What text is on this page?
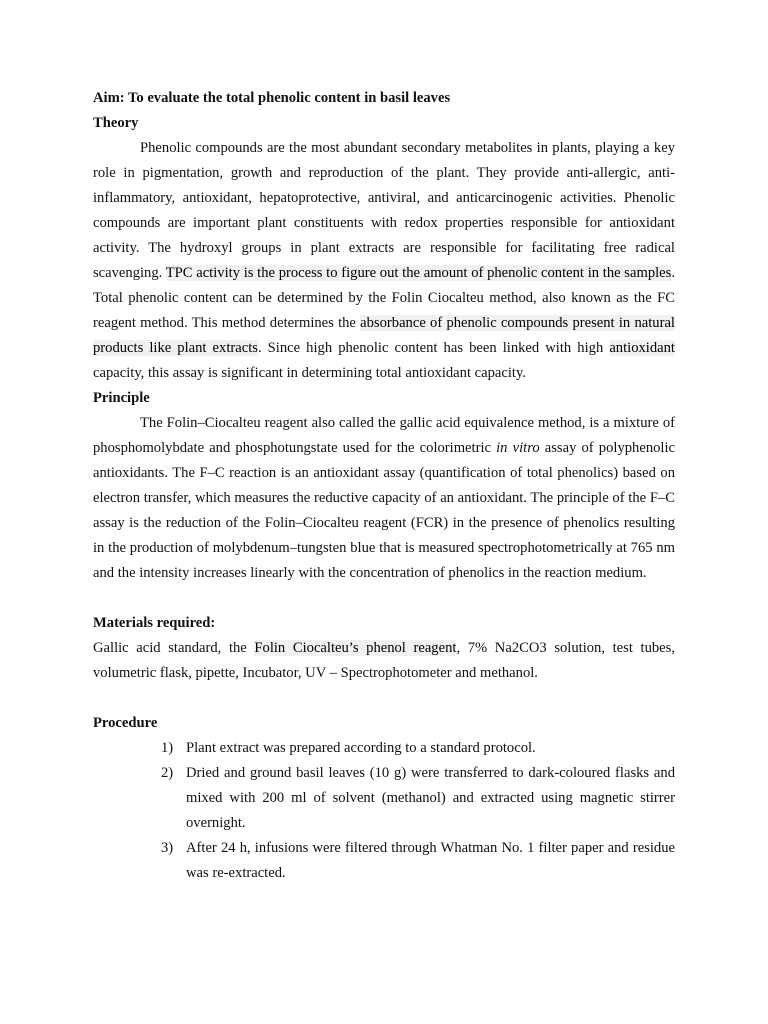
Aim: To evaluate the total phenolic content in basil leaves

Theory

Phenolic compounds are the most abundant secondary metabolites in plants, playing a key role in pigmentation, growth and reproduction of the plant. They provide anti-allergic, anti-inflammatory, antioxidant, hepatoprotective, antiviral, and anticarcinogenic activities. Phenolic compounds are important plant constituents with redox properties responsible for antioxidant activity. The hydroxyl groups in plant extracts are responsible for facilitating free radical scavenging. TPC activity is the process to figure out the amount of phenolic content in the samples. Total phenolic content can be determined by the Folin Ciocalteu method, also known as the FC reagent method. This method determines the absorbance of phenolic compounds present in natural products like plant extracts. Since high phenolic content has been linked with high antioxidant capacity, this assay is significant in determining total antioxidant capacity.

Principle

The Folin–Ciocalteu reagent also called the gallic acid equivalence method, is a mixture of phosphomolybdate and phosphotungstate used for the colorimetric in vitro assay of polyphenolic antioxidants. The F–C reaction is an antioxidant assay (quantification of total phenolics) based on electron transfer, which measures the reductive capacity of an antioxidant. The principle of the F–C assay is the reduction of the Folin–Ciocalteu reagent (FCR) in the presence of phenolics resulting in the production of molybdenum–tungsten blue that is measured spectrophotometrically at 765 nm and the intensity increases linearly with the concentration of phenolics in the reaction medium.

Materials required:

Gallic acid standard, the Folin Ciocalteu’s phenol reagent, 7% Na2CO3 solution, test tubes, volumetric flask, pipette, Incubator, UV – Spectrophotometer and methanol.

Procedure

1) Plant extract was prepared according to a standard protocol.
2) Dried and ground basil leaves (10 g) were transferred to dark-coloured flasks and mixed with 200 ml of solvent (methanol) and extracted using magnetic stirrer overnight.
3) After 24 h, infusions were filtered through Whatman No. 1 filter paper and residue was re-extracted.
